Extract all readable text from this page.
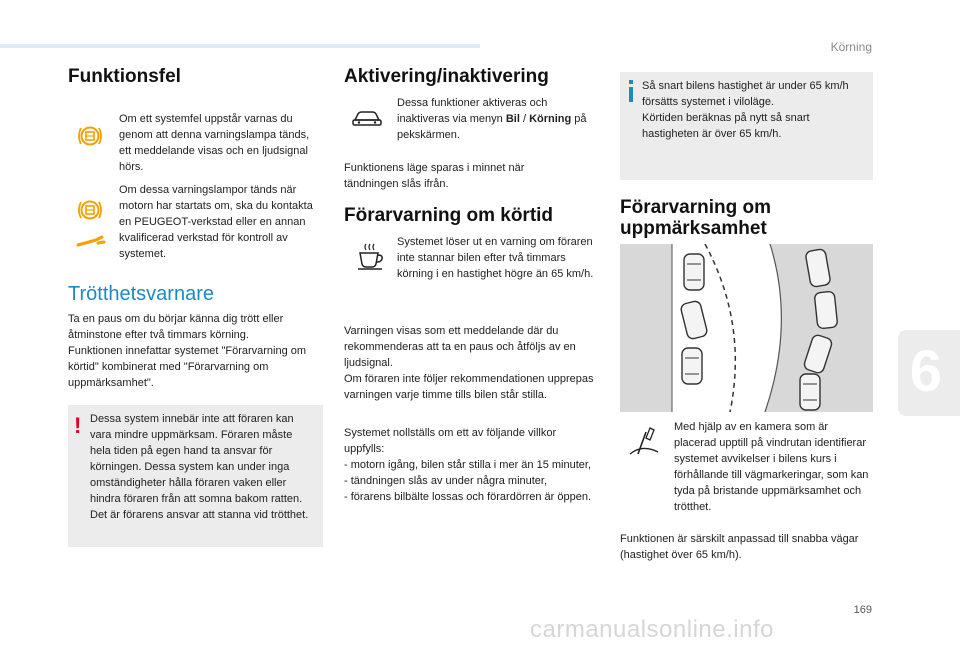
Körning
6
Funktionsfel

Om ett systemfel uppstår varnas du genom att denna varningslampa tänds, ett meddelande visas och en ljudsignal hörs.

Om dessa varningslampor tänds när motorn har startats om, ska du kontakta en PEUGEOT-verkstad eller en annan kvalificerad verkstad för kontroll av systemet.

Trötthetsvarnare

Ta en paus om du börjar känna dig trött eller åtminstone efter två timmars körning.
Funktionen innefattar systemet "Förarvarning om körtid" kombinerat med "Förarvarning om uppmärksamhet".

! Dessa system innebär inte att föraren kan vara mindre uppmärksam. Föraren måste hela tiden på egen hand ta ansvar för körningen. Dessa system kan under inga omständigheter hålla föraren vaken eller hindra föraren från att somna bakom ratten.
Det är förarens ansvar att stanna vid trötthet.

Aktivering/inaktivering

Dessa funktioner aktiveras och inaktiveras via menyn Bil / Körning på pekskärmen.

Funktionens läge sparas i minnet när tändningen slås ifrån.

Förarvarning om körtid

Systemet löser ut en varning om föraren inte stannar bilen efter två timmars körning i en hastighet högre än 65 km/h.

Varningen visas som ett meddelande där du rekommenderas att ta en paus och åtföljs av en ljudsignal.
Om föraren inte följer rekommendationen upprepas varningen varje timme tills bilen står stilla.

Systemet nollställs om ett av följande villkor uppfylls:

- motorn igång, bilen står stilla i mer än 15 minuter,
- tändningen slås av under några minuter,
- förarens bilbälte lossas och förardörren är öppen.

Så snart bilens hastighet är under 65 km/h försätts systemet i viloläge.
Körtiden beräknas på nytt så snart hastigheten är över 65 km/h.

Förarvarning om uppmärksamhet

Med hjälp av en kamera som är placerad upptill på vindrutan identifierar systemet avvikelser i bilens kurs i förhållande till vägmarkeringar, som kan tyda på bristande uppmärksamhet och trötthet.

Funktionen är särskilt anpassad till snabba vägar (hastighet över 65 km/h).

169
carmanualsonline.info
